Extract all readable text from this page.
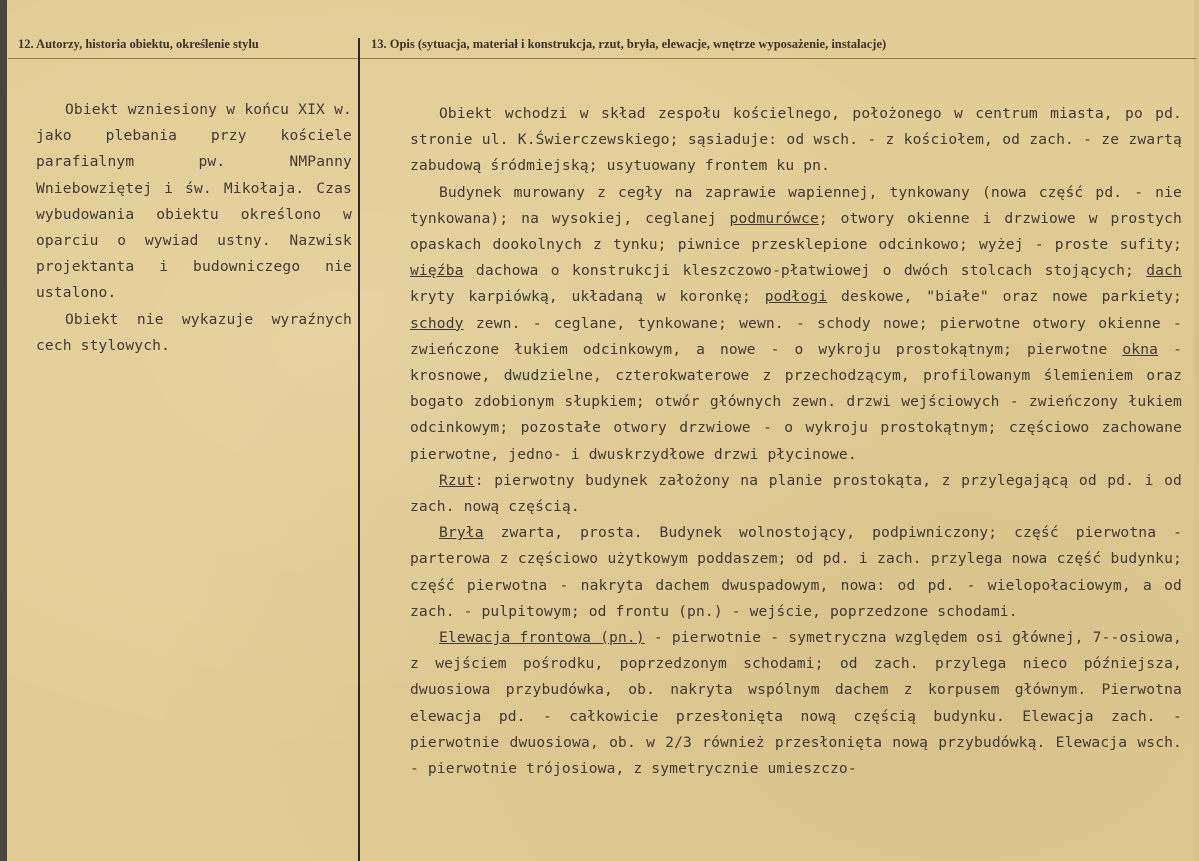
12. Autorzy, historia obiektu, określenie stylu	13. Opis (sytuacja, materiał i konstrukcja, rzut, bryła, elewacje, wnętrze wyposażenie, instalacje)

Obiekt wzniesiony w końcu XIX w. jako plebania przy kościele parafialnym pw. NMPanny Wniebowziętej i św. Mikołaja. Czas wybudowania obiektu określono w oparciu o wywiad ustny. Nazwisk projektanta i budowniczego nie ustalono.

Obiekt nie wykazuje wyraźnych cech stylowych.

Obiekt wchodzi w skład zespołu kościelnego, położonego w centrum miasta, po pd. stronie ul. K.Świerczewskiego; sąsiaduje: od wsch. - z kościołem, od zach. - ze zwartą zabudową śródmiejską; usytuowany frontem ku pn.

Budynek murowany z cegły na zaprawie wapiennej, tynkowany (nowa część pd. - nie tynkowana); na wysokiej, ceglanej podmurówce; otwory okienne i drzwiowe w prostych opaskach dookolnych z tynku; piwnice przesklepione odcinkowo; wyżej - proste sufity; więźba dachowa o konstrukcji kleszczowo-płatwiowej o dwóch stolcach stojących; dach kryty karpiówką, układaną w koronkę; podłogi deskowe, "białe" oraz nowe parkiety; schody zewn. - ceglane, tynkowane; wewn. - schody nowe; pierwotne otwory okienne - zwieńczone łukiem odcinkowym, a nowe - o wykroju prostokątnym; pierwotne okna - krosnowe, dwudzielne, czterokwaterowe z przechodzącym, profilowanym ślemieniem oraz bogato zdobionym słupkiem; otwór głównych zewn. drzwi wejściowych - zwieńczony łukiem odcinkowym; pozostałe otwory drzwiowe - o wykroju prostokątnym; częściowo zachowane pierwotne, jedno- i dwuskrzydłowe drzwi płycinowe.

Rzut: pierwotny budynek założony na planie prostokąta, z przylegającą od pd. i od zach. nową częścią.

Bryła zwarta, prosta. Budynek wolnostojący, podpiwniczony; część pierwotna - parterowa z częściowo użytkowym poddaszem; od pd. i zach. przylega nowa część budynku; część pierwotna - nakryta dachem dwuspadowym, nowa: od pd. - wielopołaciowym, a od zach. - pulpitowym; od frontu (pn.) - wejście, poprzedzone schodami.

Elewacja frontowa (pn.) - pierwotnie - symetryczna względem osi głównej, 7--osiowa, z wejściem pośrodku, poprzedzonym schodami; od zach. przylega nieco późniejsza, dwuosiowa przybudówka, ob. nakryta wspólnym dachem z korpusem głównym. Pierwotna elewacja pd. - całkowicie przesłonięta nową częścią budynku. Elewacja zach. - pierwotnie dwuosiowa, ob. w 2/3 również przesłonięta nową przybudówką. Elewacja wsch. - pierwotnie trójosiowa, z symetrycznie umieszczo-
